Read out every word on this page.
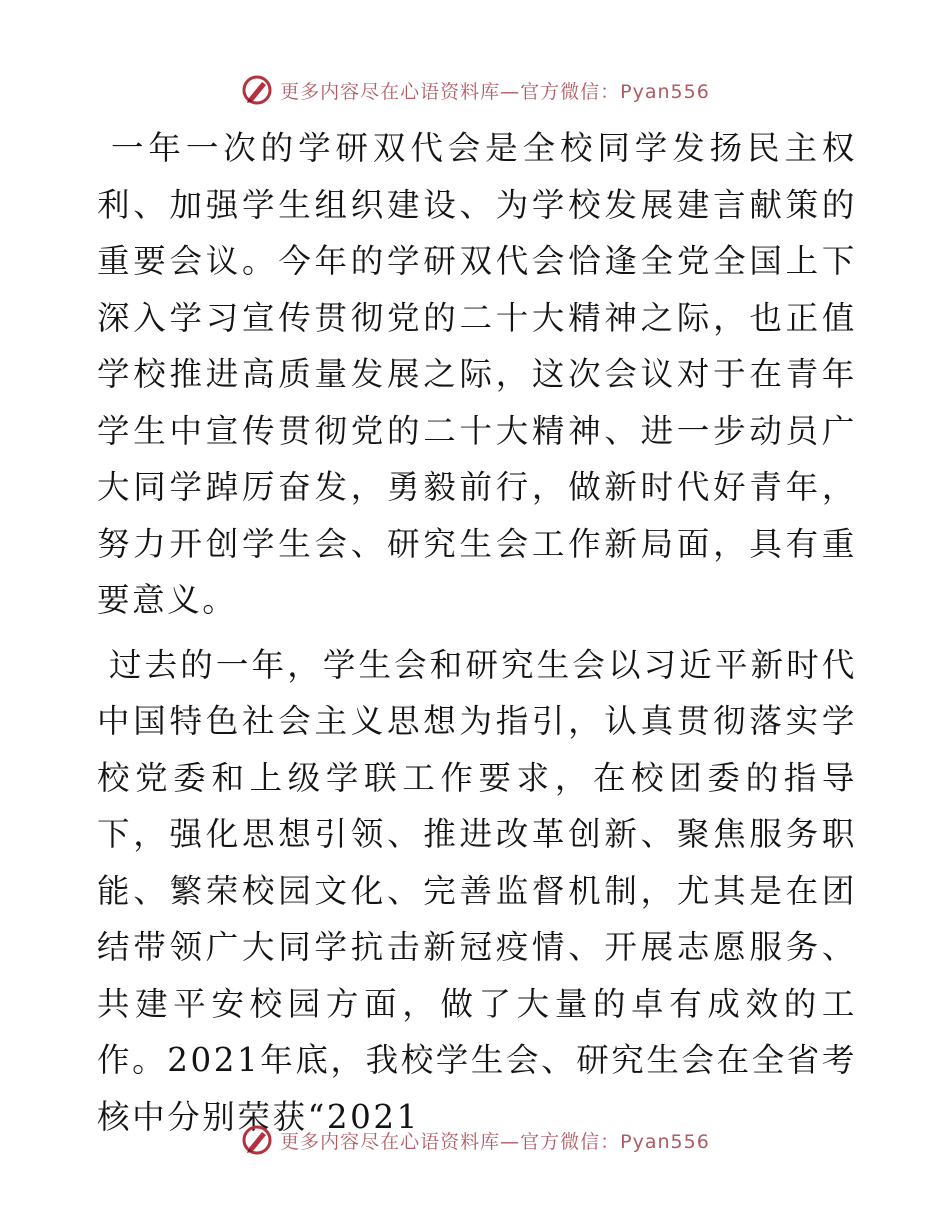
更多内容尽在心语资料库—官方微信：Pyan556

一年一次的学研双代会是全校同学发扬民主权利、加强学生组织建设、为学校发展建言献策的重要会议。今年的学研双代会恰逢全党全国上下深入学习宣传贯彻党的二十大精神之际，也正值学校推进高质量发展之际，这次会议对于在青年学生中宣传贯彻党的二十大精神、进一步动员广大同学踔厉奋发，勇毅前行，做新时代好青年，努力开创学生会、研究生会工作新局面，具有重要意义。

过去的一年，学生会和研究生会以习近平新时代中国特色社会主义思想为指引，认真贯彻落实学校党委和上级学联工作要求，在校团委的指导下，强化思想引领、推进改革创新、聚焦服务职能、繁荣校园文化、完善监督机制，尤其是在团结带领广大同学抗击新冠疫情、开展志愿服务、共建平安校园方面，做了大量的卓有成效的工作。2021年底，我校学生会、研究生会在全省考核中分别荣获“2021

更多内容尽在心语资料库—官方微信：Pyan556
